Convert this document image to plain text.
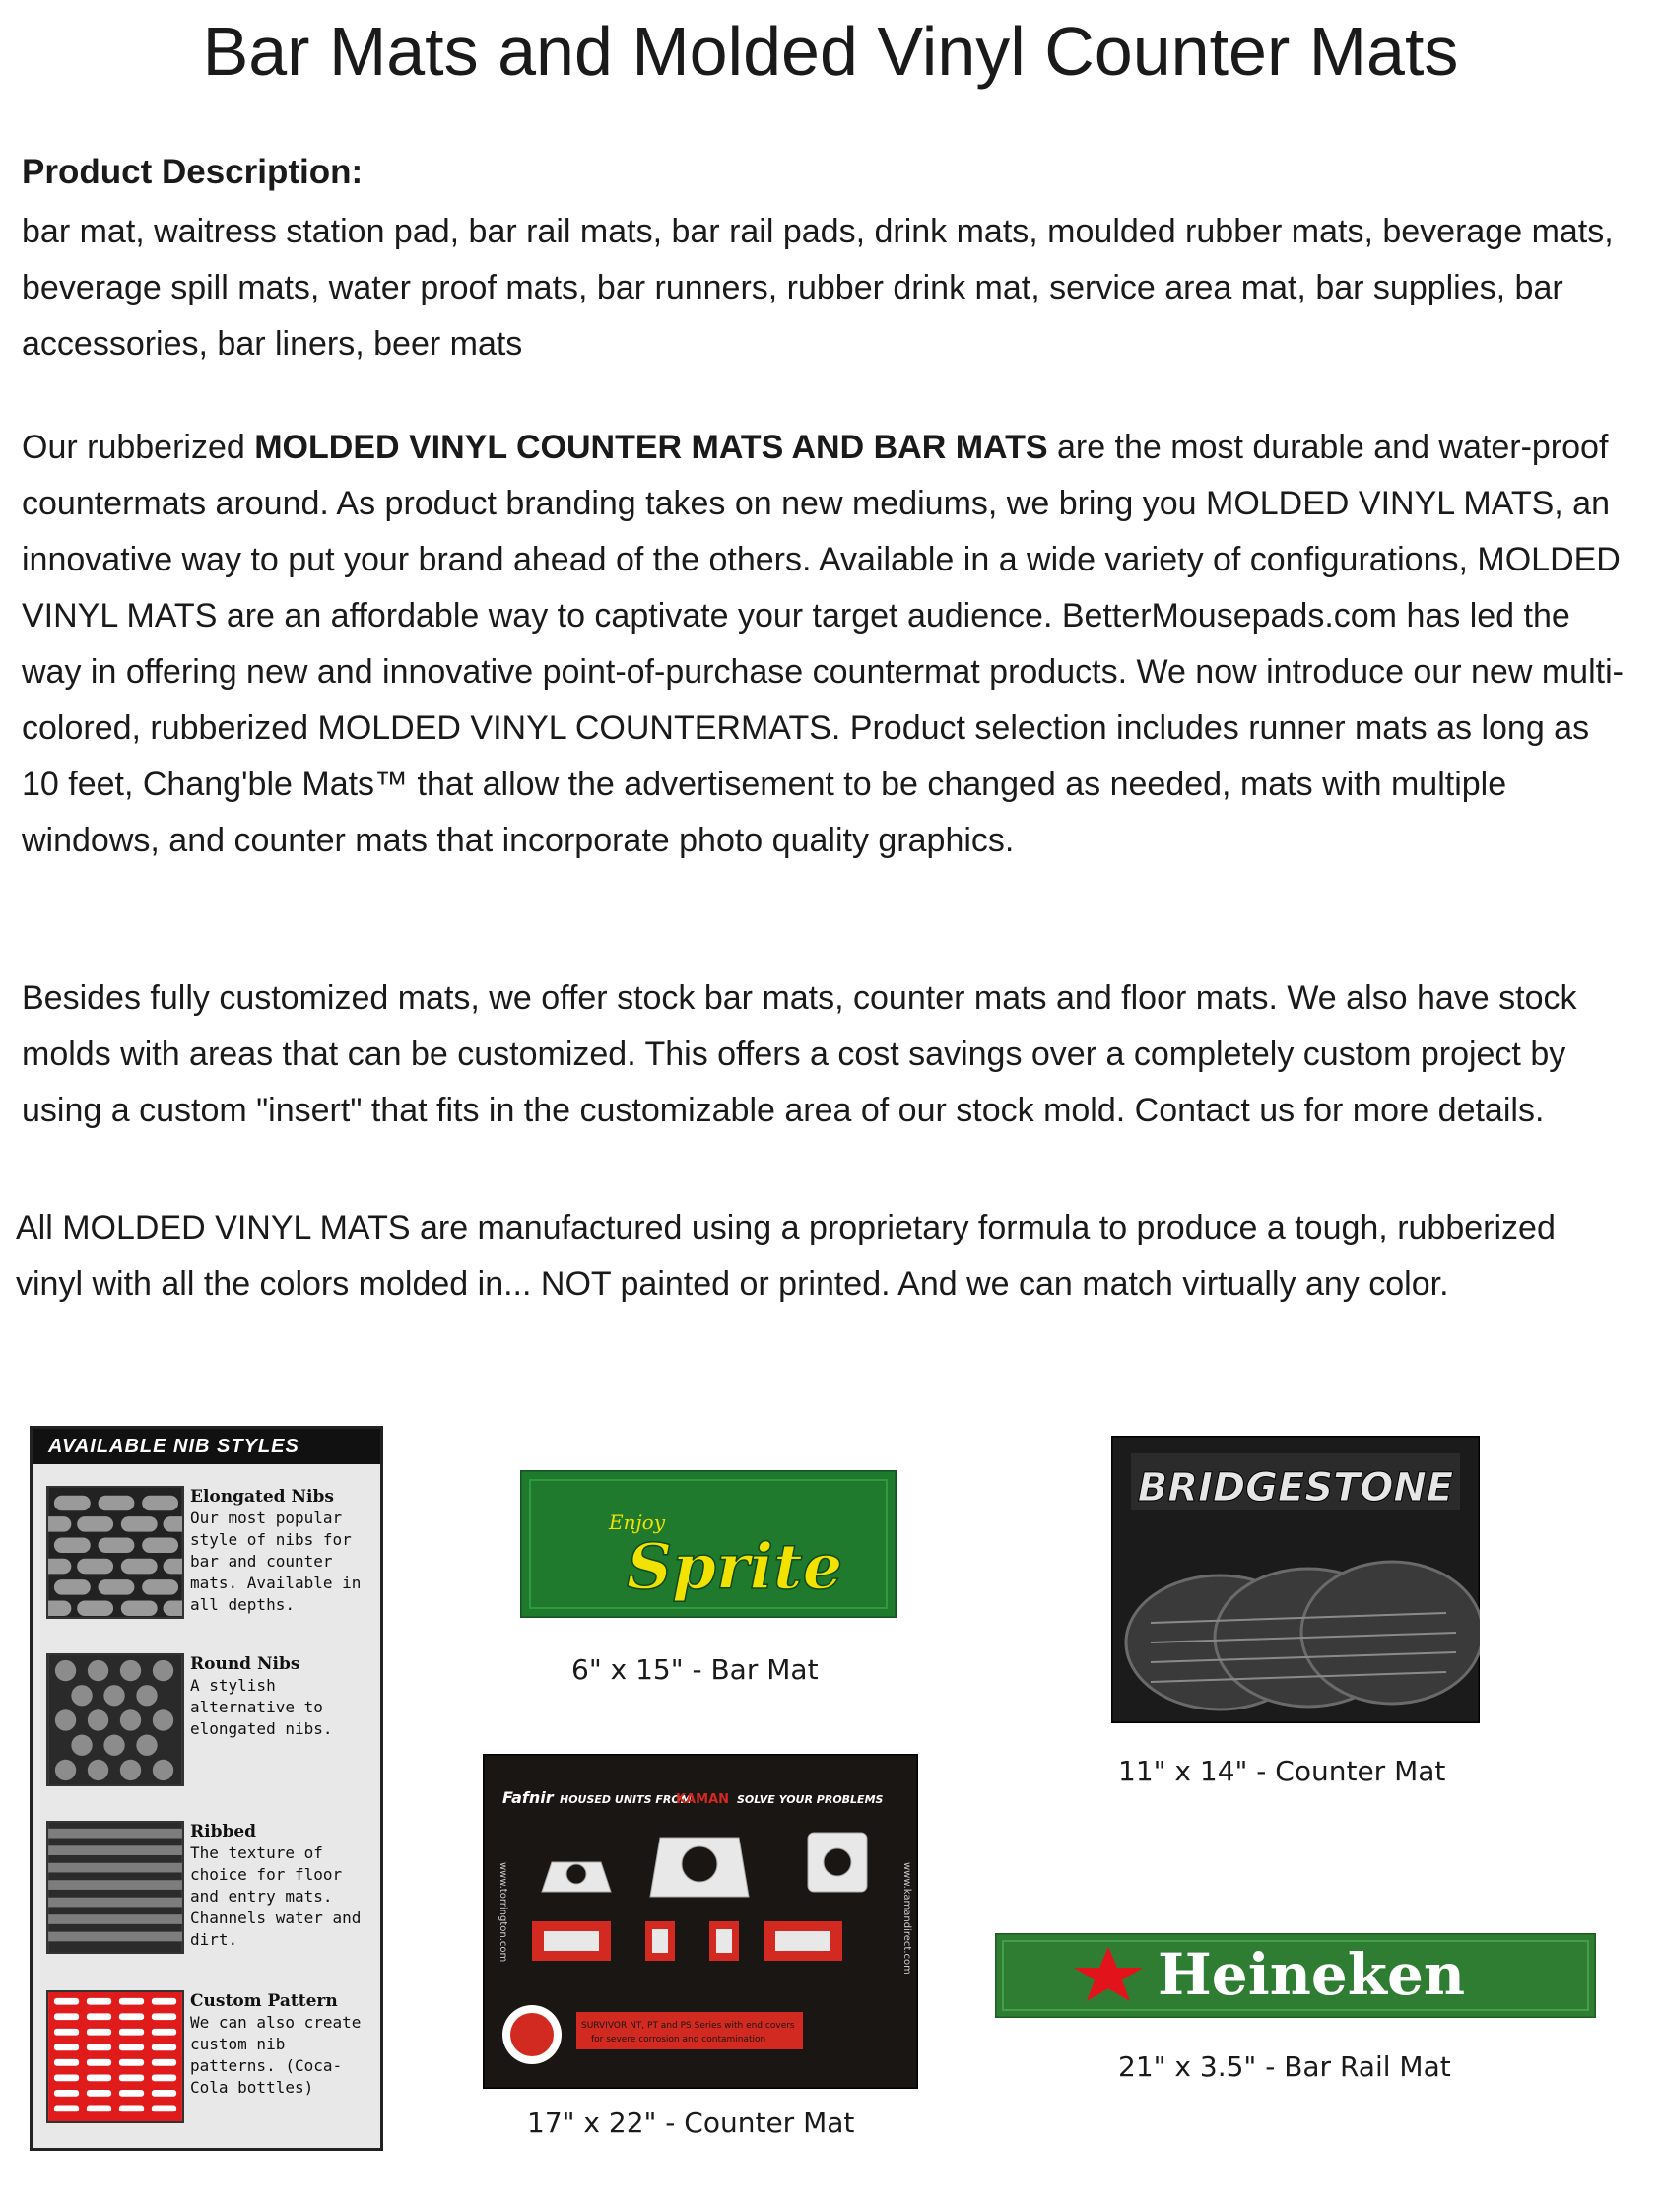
Bar Mats and Molded Vinyl Counter Mats
Product Description:

bar mat, waitress station pad, bar rail mats, bar rail pads, drink mats, moulded rubber mats, beverage mats, beverage spill mats, water proof mats, bar runners, rubber drink mat, service area mat, bar supplies, bar accessories, bar liners, beer mats

Our rubberized MOLDED VINYL COUNTER MATS AND BAR MATS are the most durable and water-proof countermats around. As product branding takes on new mediums, we bring you MOLDED VINYL MATS, an innovative way to put your brand ahead of the others. Available in a wide variety of configurations, MOLDED VINYL MATS are an affordable way to captivate your target audience. BetterMousepads.com has led the way in offering new and innovative point-of-purchase countermat products. We now introduce our new multi-colored, rubberized MOLDED VINYL COUNTERMATS. Product selection includes runner mats as long as 10 feet, Chang'ble Mats™ that allow the advertisement to be changed as needed, mats with multiple windows, and counter mats that incorporate photo quality graphics.

Besides fully customized mats, we offer stock bar mats, counter mats and floor mats. We also have stock molds with areas that can be customized. This offers a cost savings over a completely custom project by using a custom "insert" that fits in the customizable area of our stock mold. Contact us for more details.

All MOLDED VINYL MATS are manufactured using a proprietary formula to produce a tough, rubberized vinyl with all the colors molded in... NOT painted or printed. And we can match virtually any color.

AVAILABLE NIB STYLES
Elongated Nibs
Our most popular style of nibs for bar and counter mats. Available in all depths.
Round Nibs
A stylish alternative to elongated nibs.
Ribbed
The texture of choice for floor and entry mats. Channels water and dirt.
Custom Pattern
We can also create custom nib patterns. (Coca-Cola bottles)
Enjoy
Sprite
6" x 15" - Bar Mat
BRIDGESTONE
11" x 14" - Counter Mat
Fafnir HOUSED UNITS FROM
KAMAN SOLVE YOUR PROBLEMS
www.torrington.com	www.kamandirect.com
SURVIVOR NT, PT and PS Series with end covers
for severe corrosion and contamination
17" x 22" - Counter Mat
Heineken
21" x 3.5" - Bar Rail Mat
